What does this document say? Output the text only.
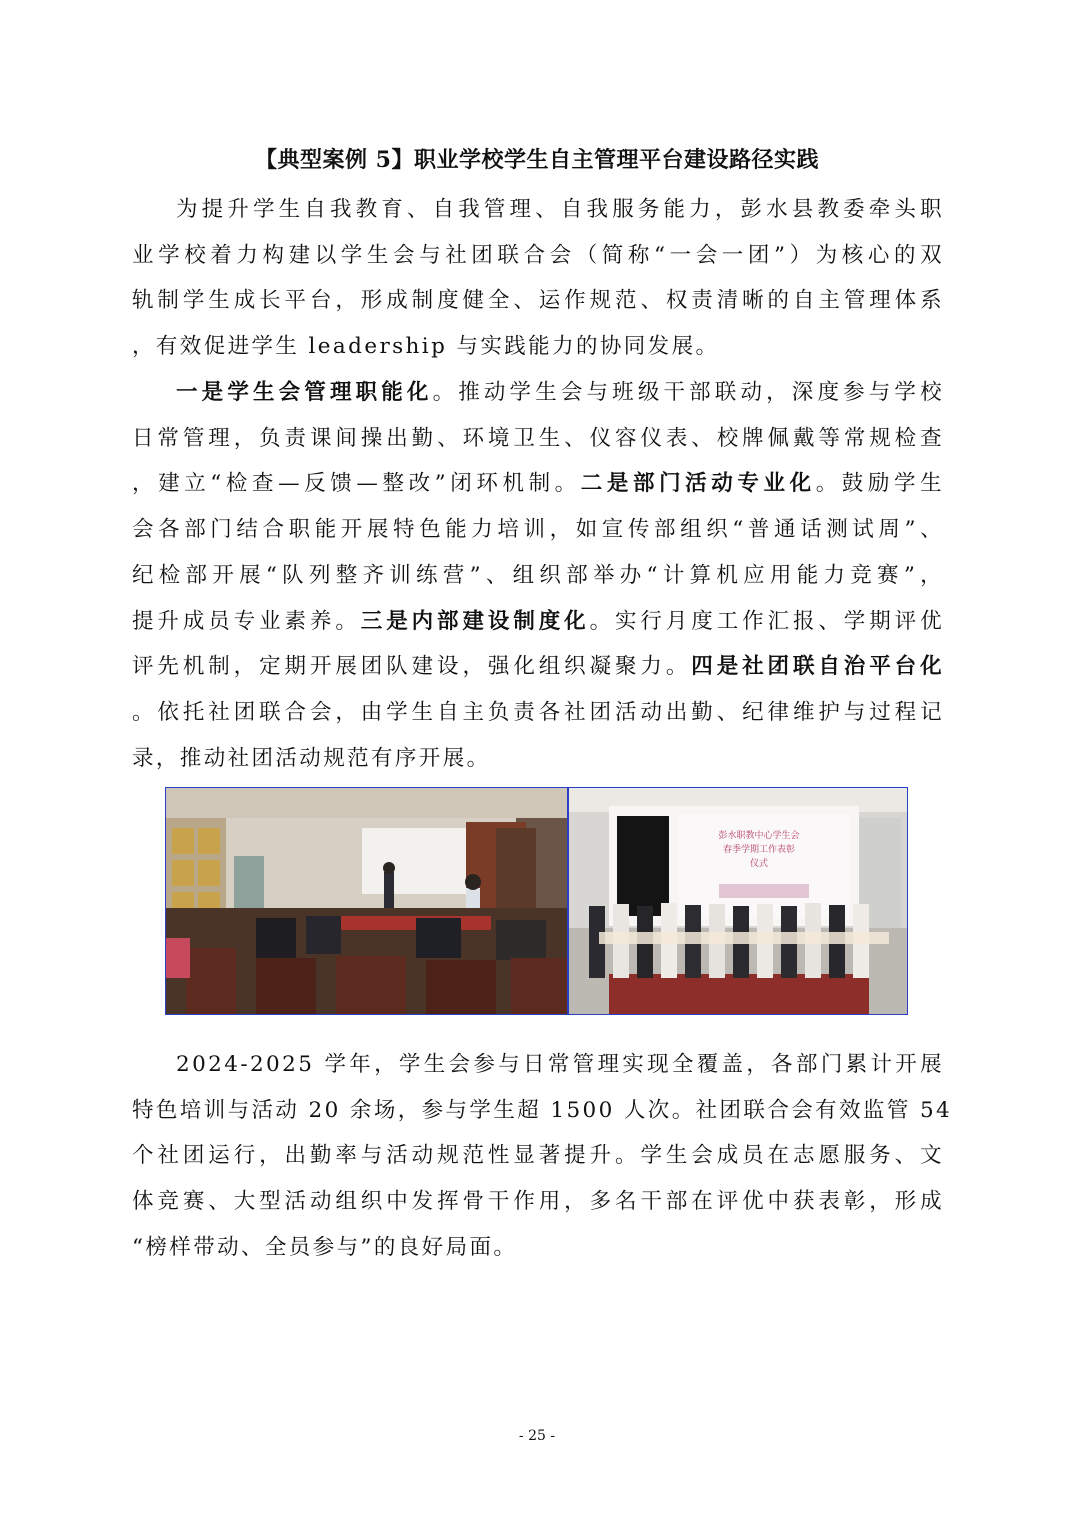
【典型案例 5】职业学校学生自主管理平台建设路径实践
为提升学生自我教育、自我管理、自我服务能力，彭水县教委牵头职
业学校着力构建以学生会与社团联合会（简称“一会一团”）为核心的双
轨制学生成长平台，形成制度健全、运作规范、权责清晰的自主管理体系
，有效促进学生 leadership 与实践能力的协同发展。
一是学生会管理职能化。推动学生会与班级干部联动，深度参与学校
日常管理，负责课间操出勤、环境卫生、仪容仪表、校牌佩戴等常规检查
，建立“检查—反馈—整改”闭环机制。二是部门活动专业化。鼓励学生
会各部门结合职能开展特色能力培训，如宣传部组织“普通话测试周”、
纪检部开展“队列整齐训练营”、组织部举办“计算机应用能力竞赛”，
提升成员专业素养。三是内部建设制度化。实行月度工作汇报、学期评优
评先机制，定期开展团队建设，强化组织凝聚力。四是社团联自治平台化
。依托社团联合会，由学生自主负责各社团活动出勤、纪律维护与过程记
录，推动社团活动规范有序开展。
彭水职教中心学生会
春季学期工作表彰
仪式
2024-2025 学年，学生会参与日常管理实现全覆盖，各部门累计开展
特色培训与活动 20 余场，参与学生超 1500 人次。社团联合会有效监管 54
个社团运行，出勤率与活动规范性显著提升。学生会成员在志愿服务、文
体竞赛、大型活动组织中发挥骨干作用，多名干部在评优中获表彰，形成
“榜样带动、全员参与”的良好局面。
- 25 -
